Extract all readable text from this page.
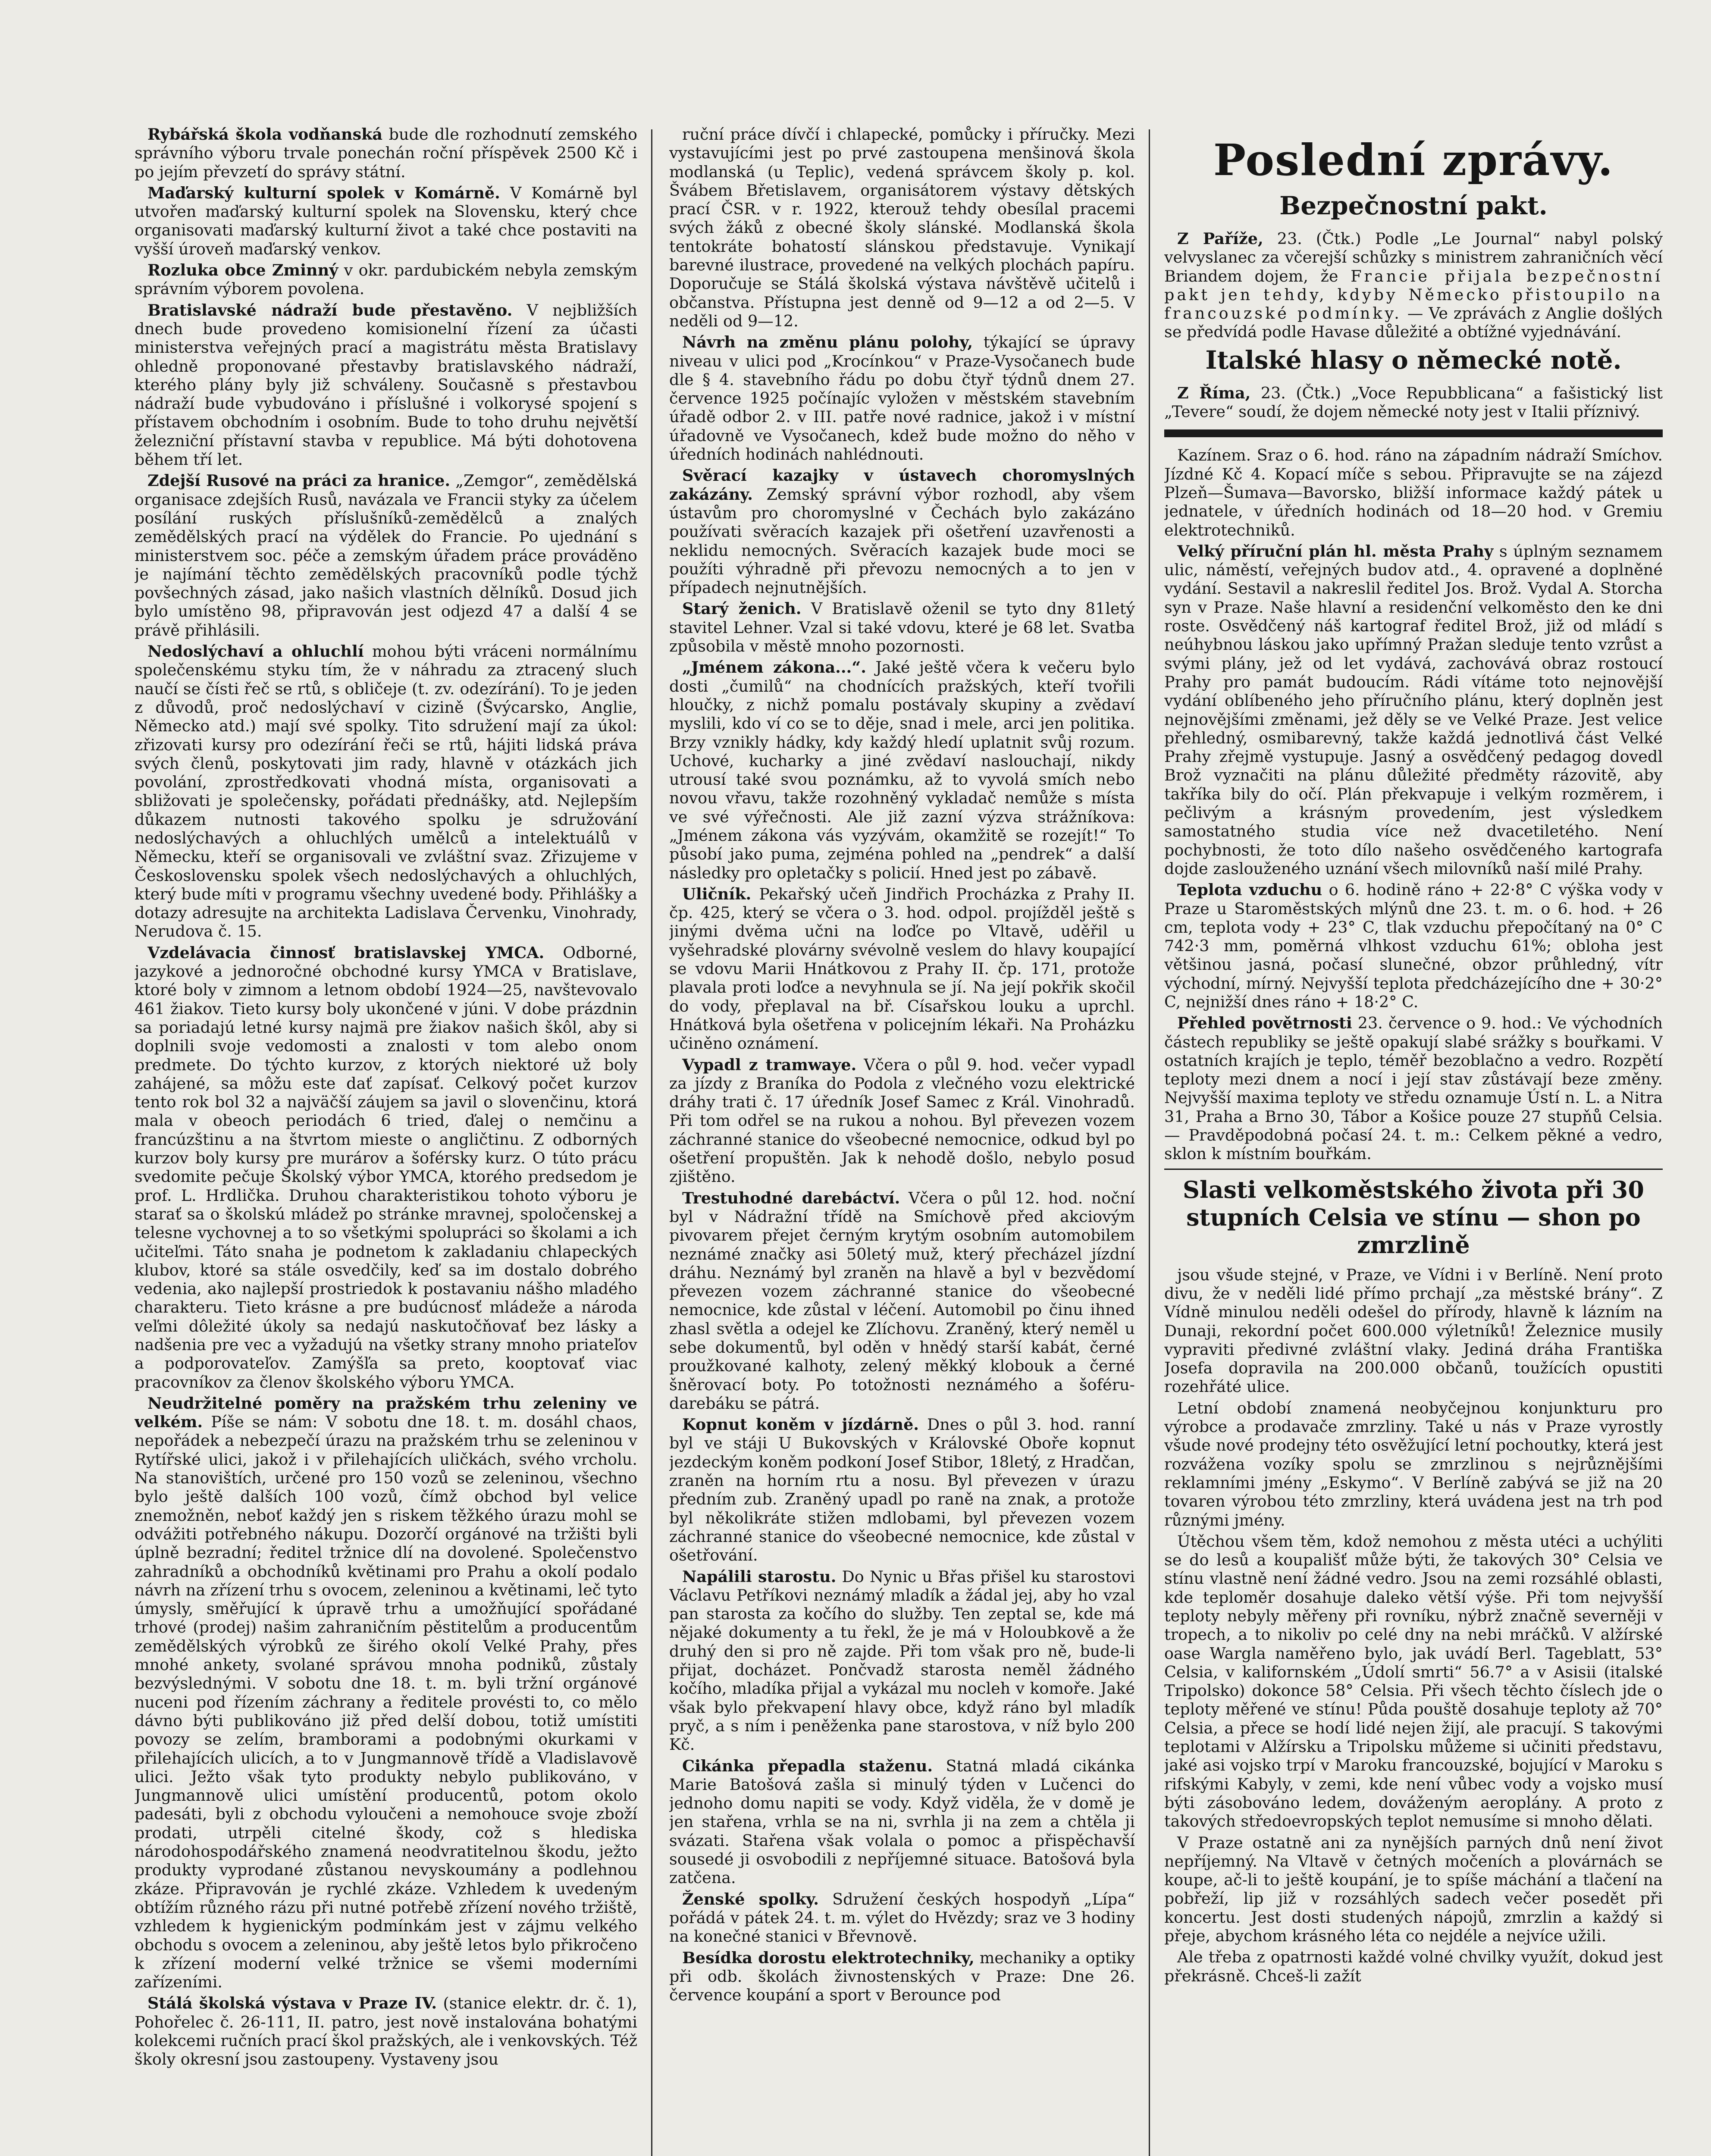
Rybářská škola vodňanská bude dle rozhodnutí zemského správního výboru trvale ponechán roční příspěvek 2500 Kč i po jejím převzetí do správy státní.

Maďarský kulturní spolek v Komárně. V Komárně byl utvořen maďarský kulturní spolek na Slovensku, který chce organisovati maďarský kulturní život a také chce postaviti na vyšší úroveň maďarský venkov.

Rozluka obce Zminný v okr. pardubickém nebyla zemským správním výborem povolena.

Bratislavské nádraží bude přestavěno. V nejbližších dnech bude provedeno komisionelní řízení za účasti ministerstva veřejných prací a magistrátu města Bratislavy ohledně proponované přestavby bratislavského nádraží, kterého plány byly již schváleny. Současně s přestavbou nádraží bude vybudováno i příslušné i volkorysé spojení s přístavem obchodním i osobním. Bude to toho druhu největší železniční přístavní stavba v republice. Má býti dohotovena během tří let.

Zdejší Rusové na práci za hranice. „Zemgor“, zemědělská organisace zdejších Rusů, navázala ve Francii styky za účelem posílání ruských příslušníků-zemědělců a znalých zemědělských prací na výdělek do Francie. Po ujednání s ministerstvem soc. péče a zemským úřadem práce prováděno je najímání těchto zemědělských pracovníků podle týchž povšechných zásad, jako našich vlastních dělníků. Dosud jich bylo umístěno 98, připravován jest odjezd 47 a další 4 se právě přihlásili.

Nedoslýchaví a ohluchlí mohou býti vráceni normálnímu společenskému styku tím, že v náhradu za ztracený sluch naučí se čísti řeč se rtů, s obličeje (t. zv. odezírání). To je jeden z důvodů, proč nedoslýchaví v cizině (Švýcarsko, Anglie, Německo atd.) mají své spolky. Tito sdružení mají za úkol: zřizovati kursy pro odezírání řeči se rtů, hájiti lidská práva svých členů, poskytovati jim rady, hlavně v otázkách jich povolání, zprostředkovati vhodná místa, organisovati a sbližovati je společensky, pořádati přednášky, atd. Nejlepším důkazem nutnosti takového spolku je sdružování nedoslýchavých a ohluchlých umělců a intelektuálů v Německu, kteří se organisovali ve zvláštní svaz. Zřizujeme v Československu spolek všech nedoslýchavých a ohluchlých, který bude míti v programu všechny uvedené body. Přihlášky a dotazy adresujte na architekta Ladislava Červenku, Vinohrady, Nerudova č. 15.

Vzdelávacia činnosť bratislavskej YMCA. Odborné, jazykové a jednoročné obchodné kursy YMCA v Bratislave, ktoré boly v zimnom a letnom období 1924—25, navštevovalo 461 žiakov. Tieto kursy boly ukončené v júni. V dobe prázdnin sa poriadajú letné kursy najmä pre žiakov našich škôl, aby si doplnili svoje vedomosti a znalosti v tom alebo onom predmete. Do týchto kurzov, z ktorých niektoré už boly zahájené, sa môžu este dať zapísať. Celkový počet kurzov tento rok bol 32 a najväčší záujem sa javil o slovenčinu, ktorá mala v obeoch periodách 6 tried, ďalej o nemčinu a francúzštinu a na štvrtom mieste o angličtinu. Z odborných kurzov boly kursy pre murárov a šoférsky kurz. O túto prácu svedomite pečuje Školský výbor YMCA, ktorého predsedom je prof. L. Hrdlička. Druhou charakteristikou tohoto výboru je starať sa o školskú mládež po stránke mravnej, spoločenskej a telesne vychovnej a to so všetkými spolupráci so školami a ich učiteľmi. Táto snaha je podnetom k zakladaniu chlapeckých klubov, ktoré sa stále osvedčily, keď sa im dostalo dobrého vedenia, ako najlepší prostriedok k postavaniu nášho mladého charakteru. Tieto krásne a pre budúcnosť mládeže a národa veľmi dôležité úkoly sa nedajú naskutočňovať bez lásky a nadšenia pre vec a vyžadujú na všetky strany mnoho priateľov a podporovateľov. Zamýšľa sa preto, kooptovať viac pracovníkov za členov školského výboru YMCA.

Neudržitelné poměry na pražském trhu zeleniny ve velkém. Píše se nám: V sobotu dne 18. t. m. dosáhl chaos, nepořádek a nebezpečí úrazu na pražském trhu se zeleninou v Rytířské ulici, jakož i v přilehajících uličkách, svého vrcholu. Na stanovištích, určené pro 150 vozů se zeleninou, všechno bylo ještě dalších 100 vozů, čímž obchod byl velice znemožněn, neboť každý jen s riskem těžkého úrazu mohl se odvážiti potřebného nákupu. Dozorčí orgánové na tržišti byli úplně bezradní; ředitel tržnice dlí na dovolené. Společenstvo zahradníků a obchodníků květinami pro Prahu a okolí podalo návrh na zřízení trhu s ovocem, zeleninou a květinami, leč tyto úmysly, směřující k úpravě trhu a umožňující spořádané trhové (prodej) našim zahraničním pěstitelům a producentům zemědělských výrobků ze širého okolí Velké Prahy, přes mnohé ankety, svolané správou mnoha podniků, zůstaly bezvýslednými. V sobotu dne 18. t. m. byli tržní orgánové nuceni pod řízením záchrany a ředitele provésti to, co mělo dávno býti publikováno již před delší dobou, totiž umístiti povozy se zelím, bramborami a podobnými okurkami v přilehajících ulicích, a to v Jungmannově třídě a Vladislavově ulici. Ježto však tyto produkty nebylo publikováno, v Jungmannově ulici umístění producentů, potom okolo padesáti, byli z obchodu vyloučeni a nemohouce svoje zboží prodati, utrpěli citelné škody, což s hlediska národohospodářského znamená neodvratitelnou škodu, ježto produkty vyprodané zůstanou nevyskoumány a podlehnou zkáze. Připravován je rychlé zkáze. Vzhledem k uvedeným obtížím různého rázu při nutné potřebě zřízení nového tržiště, vzhledem k hygienickým podmínkám jest v zájmu velkého obchodu s ovocem a zeleninou, aby ještě letos bylo přikročeno k zřízení moderní velké tržnice se všemi moderními zařízeními.

Stálá školská výstava v Praze IV. (stanice elektr. dr. č. 1), Pohořelec č. 26-111, II. patro, jest nově instalována bohatými kolekcemi ručních prací škol pražských, ale i venkovských. Též školy okresní jsou zastoupeny. Vystaveny jsou

ruční práce dívčí i chlapecké, pomůcky i příručky. Mezi vystavujícími jest po prvé zastoupena menšinová škola modlanská (u Teplic), vedená správcem školy p. kol. Švábem Břetislavem, organisátorem výstavy dětských prací ČSR. v r. 1922, kterouž tehdy obesílal pracemi svých žáků z obecné školy slánské. Modlanská škola tentokráte bohatostí slánskou představuje. Vynikají barevné ilustrace, provedené na velkých plochách papíru. Doporučuje se Stálá školská výstava návštěvě učitelů i občanstva. Přístupna jest denně od 9—12 a od 2—5. V neděli od 9—12.

Návrh na změnu plánu polohy, týkající se úpravy niveau v ulici pod „Krocínkou“ v Praze-Vysočanech bude dle § 4. stavebního řádu po dobu čtyř týdnů dnem 27. července 1925 počínajíc vyložen v městském stavebním úřadě odbor 2. v III. patře nové radnice, jakož i v místní úřadovně ve Vysočanech, kdež bude možno do něho v úředních hodinách nahlédnouti.

Svěrací kazajky v ústavech choromyslných zakázány. Zemský správní výbor rozhodl, aby všem ústavům pro choromyslné v Čechách bylo zakázáno používati svěracích kazajek při ošetření uzavřenosti a neklidu nemocných. Svěracích kazajek bude moci se použíti výhradně při převozu nemocných a to jen v případech nejnutnějších.

Starý ženich. V Bratislavě oženil se tyto dny 81letý stavitel Lehner. Vzal si také vdovu, které je 68 let. Svatba způsobila v městě mnoho pozornosti.

„Jménem zákona...“. Jaké ještě včera k večeru bylo dosti „čumilů“ na chodnících pražských, kteří tvořili hloučky, z nichž pomalu postávaly skupiny a zvědaví myslili, kdo ví co se to děje, snad i mele, arci jen politika. Brzy vznikly hádky, kdy každý hledí uplatnit svůj rozum. Uchové, kucharky a jiné zvědaví naslouchají, nikdy utrousí také svou poznámku, až to vyvolá smích nebo novou vřavu, takže rozohněný vykladač nemůže s místa ve své výřečnosti. Ale již zazní výzva strážníkova: „Jménem zákona vás vyzývám, okamžitě se rozejít!“ To působí jako puma, zejména pohled na „pendrek“ a další následky pro opletačky s policií. Hned jest po zábavě.

Uličník. Pekařský učeň Jindřich Procházka z Prahy II. čp. 425, který se včera o 3. hod. odpol. projížděl ještě s jinými dvěma učni na loďce po Vltavě, uděřil u vyšehradské plovárny svévolně veslem do hlavy koupající se vdovu Marii Hnátkovou z Prahy II. čp. 171, protože plavala proti loďce a nevyhnula se jí. Na její pokřik skočil do vody, přeplaval na bř. Císařskou louku a uprchl. Hnátková byla ošetřena v policejním lékaři. Na Proházku učiněno oznámení.

Vypadl z tramwaye. Včera o půl 9. hod. večer vypadl za jízdy z Braníka do Podola z vlečného vozu elektrické dráhy trati č. 17 úředník Josef Samec z Král. Vinohradů. Při tom odřel se na rukou a nohou. Byl převezen vozem záchranné stanice do všeobecné nemocnice, odkud byl po ošetření propuštěn. Jak k nehodě došlo, nebylo posud zjištěno.

Trestuhodné darebáctví. Včera o půl 12. hod. noční byl v Nádražní třídě na Smíchově před akciovým pivovarem přejet černým krytým osobním automobilem neznámé značky asi 50letý muž, který přecházel jízdní dráhu. Neznámý byl zraněn na hlavě a byl v bezvědomí převezen vozem záchranné stanice do všeobecné nemocnice, kde zůstal v léčení. Automobil po činu ihned zhasl světla a odejel ke Zlíchovu. Zraněný, který neměl u sebe dokumentů, byl oděn v hnědý starší kabát, černé proužkované kalhoty, zelený měkký klobouk a černé šněrovací boty. Po totožnosti neznámého a šoféru-darebáku se pátrá.

Kopnut koněm v jízdárně. Dnes o půl 3. hod. ranní byl ve stáji U Bukovských v Královské Oboře kopnut jezdeckým koněm podkoní Josef Stibor, 18letý, z Hradčan, zraněn na horním rtu a nosu. Byl převezen v úrazu předním zub. Zraněný upadl po raně na znak, a protože byl několikráte stižen mdlobami, byl převezen vozem záchranné stanice do všeobecné nemocnice, kde zůstal v ošetřování.

Napálili starostu. Do Nynic u Břas přišel ku starostovi Václavu Petříkovi neznámý mladík a žádal jej, aby ho vzal pan starosta za kočího do služby. Ten zeptal se, kde má nějaké dokumenty a tu řekl, že je má v Holoubkově a že druhý den si pro ně zajde. Při tom však pro ně, bude-li přijat, docházet. Pončvadž starosta neměl žádného kočího, mladíka přijal a vykázal mu nocleh v komoře. Jaké však bylo překvapení hlavy obce, když ráno byl mladík pryč, a s ním i peněženka pane starostova, v níž bylo 200 Kč.

Cikánka přepadla staženu. Statná mladá cikánka Marie Batošová zašla si minulý týden v Lučenci do jednoho domu napiti se vody. Když viděla, že v domě je jen stařena, vrhla se na ni, svrhla ji na zem a chtěla ji svázati. Stařena však volala o pomoc a přispěchavší sousedé ji osvobodili z nepříjemné situace. Batošová byla zatčena.

Ženské spolky. Sdružení českých hospodyň „Lípa“ pořádá v pátek 24. t. m. výlet do Hvězdy; sraz ve 3 hodiny na konečné stanici v Břevnově.

Besídka dorostu elektrotechniky, mechaniky a optiky při odb. školách živnostenských v Praze: Dne 26. července koupání a sport v Berounce pod

Poslední zprávy.
Bezpečnostní pakt.

Z Paříže, 23. (Čtk.) Podle „Le Journal“ nabyl polský velvyslanec za včerejší schůzky s ministrem zahraničních věcí Briandem dojem, že Francie přijala bezpečnostní pakt jen tehdy, kdyby Německo přistoupilo na francouzské podmínky. — Ve zprávách z Anglie došlých se předvídá podle Havase důležité a obtížné vyjednávání.

Italské hlasy o německé notě.

Z Říma, 23. (Čtk.) „Voce Repubblicana“ a fašistický list „Tevere“ soudí, že dojem německé noty jest v Italii příznivý.

Kazínem. Sraz o 6. hod. ráno na západním nádraží Smíchov. Jízdné Kč 4. Kopací míče s sebou. Připravujte se na zájezd Plzeň—Šumava—Bavorsko, bližší informace každý pátek u jednatele, v úředních hodinách od 18—20 hod. v Gremiu elektrotechniků.

Velký příruční plán hl. města Prahy s úplným seznamem ulic, náměstí, veřejných budov atd., 4. opravené a doplněné vydání. Sestavil a nakreslil ředitel Jos. Brož. Vydal A. Storcha syn v Praze. Naše hlavní a residenční velkoměsto den ke dni roste. Osvědčený náš kartograf ředitel Brož, již od mládí s neúhybnou láskou jako upřímný Pražan sleduje tento vzrůst a svými plány, jež od let vydává, zachovává obraz rostoucí Prahy pro památ budoucím. Rádi vítáme toto nejnovější vydání oblíbeného jeho příručního plánu, který doplněn jest nejnovějšími změnami, jež děly se ve Velké Praze. Jest velice přehledný, osmibarevný, takže každá jednotlivá část Velké Prahy zřejmě vystupuje. Jasný a osvědčený pedagog dovedl Brož vyznačiti na plánu důležité předměty rázovitě, aby takříka bily do očí. Plán překvapuje i velkým rozměrem, i pečlivým a krásným provedením, jest výsledkem samostatného studia více než dvacetiletého. Není pochybnosti, že toto dílo našeho osvědčeného kartografa dojde zaslouženého uznání všech milovníků naší milé Prahy.

Teplota vzduchu o 6. hodině ráno + 22·8° C výška vody v Praze u Staroměstských mlýnů dne 23. t. m. o 6. hod. + 26 cm, teplota vody + 23° C, tlak vzduchu přepočítaný na 0° C 742·3 mm, poměrná vlhkost vzduchu 61%; obloha jest většinou jasná, počasí slunečné, obzor průhledný, vítr východní, mírný. Nejvyšší teplota předcházejícího dne + 30·2° C, nejnižší dnes ráno + 18·2° C.

Přehled povětrnosti 23. července o 9. hod.: Ve východních částech republiky se ještě opakují slabé srážky s bouřkami. V ostatních krajích je teplo, téměř bezoblačno a vedro. Rozpětí teploty mezi dnem a nocí i její stav zůstávají beze změny. Nejvyšší maxima teploty ve středu oznamuje Ústí n. L. a Nitra 31, Praha a Brno 30, Tábor a Košice pouze 27 stupňů Celsia. — Pravděpodobná počasí 24. t. m.: Celkem pěkné a vedro, sklon k místním bouřkám.

Slasti velkoměstského života při 30 stupních Celsia ve stínu — shon po zmrzlině

jsou všude stejné, v Praze, ve Vídni i v Berlíně. Není proto divu, že v neděli lidé přímo prchají „za městské brány“. Z Vídně minulou neděli odešel do přírody, hlavně k lázním na Dunaji, rekordní počet 600.000 výletníků! Železnice musily vypraviti předivné zvláštní vlaky. Jediná dráha Františka Josefa dopravila na 200.000 občanů, toužících opustiti rozehřáté ulice.

Letní období znamená neobyčejnou konjunkturu pro výrobce a prodavače zmrzliny. Také u nás v Praze vyrostly všude nové prodejny této osvěžující letní pochoutky, která jest rozvážena vozíky spolu se zmrzlinou s nejrůznějšími reklamními jmény „Eskymo“. V Berlíně zabývá se již na 20 tovaren výrobou této zmrzliny, která uvádena jest na trh pod různými jmény.

Útěchou všem těm, kdož nemohou z města utéci a uchýliti se do lesů a koupališť může býti, že takových 30° Celsia ve stínu vlastně není žádné vedro. Jsou na zemi rozsáhlé oblasti, kde teploměr dosahuje daleko větší výše. Při tom nejvyšší teploty nebyly měřeny při rovníku, nýbrž značně severněji v tropech, a to nikoliv po celé dny na nebi mráčků. V alžírské oase Wargla naměřeno bylo, jak uvádí Berl. Tageblatt, 53° Celsia, v kalifornském „Údolí smrti“ 56.7° a v Asisii (italské Tripolsko) dokonce 58° Celsia. Při všech těchto číslech jde o teploty měřené ve stínu! Půda pouště dosahuje teploty až 70° Celsia, a přece se hodí lidé nejen žijí, ale pracují. S takovými teplotami v Alžírsku a Tripolsku můžeme si učiniti představu, jaké asi vojsko trpí v Maroku francouzské, bojující v Maroku s rifskými Kabyly, v zemi, kde není vůbec vody a vojsko musí býti zásobováno ledem, dováženým aeroplány. A proto z takových středoevropských teplot nemusíme si mnoho dělati.

V Praze ostatně ani za nynějších parných dnů není život nepříjemný. Na Vltavě v četných močeních a plovárnách se koupe, ač-li to ještě koupání, je to spíše máchání a tlačení na pobřeží, lip již v rozsáhlých sadech večer posedět při koncertu. Jest dosti studených nápojů, zmrzlin a každý si přeje, abychom krásného léta co nejdéle a nejvíce užili.

Ale třeba z opatrnosti každé volné chvilky využít, dokud jest překrásně. Chceš-li zažít
